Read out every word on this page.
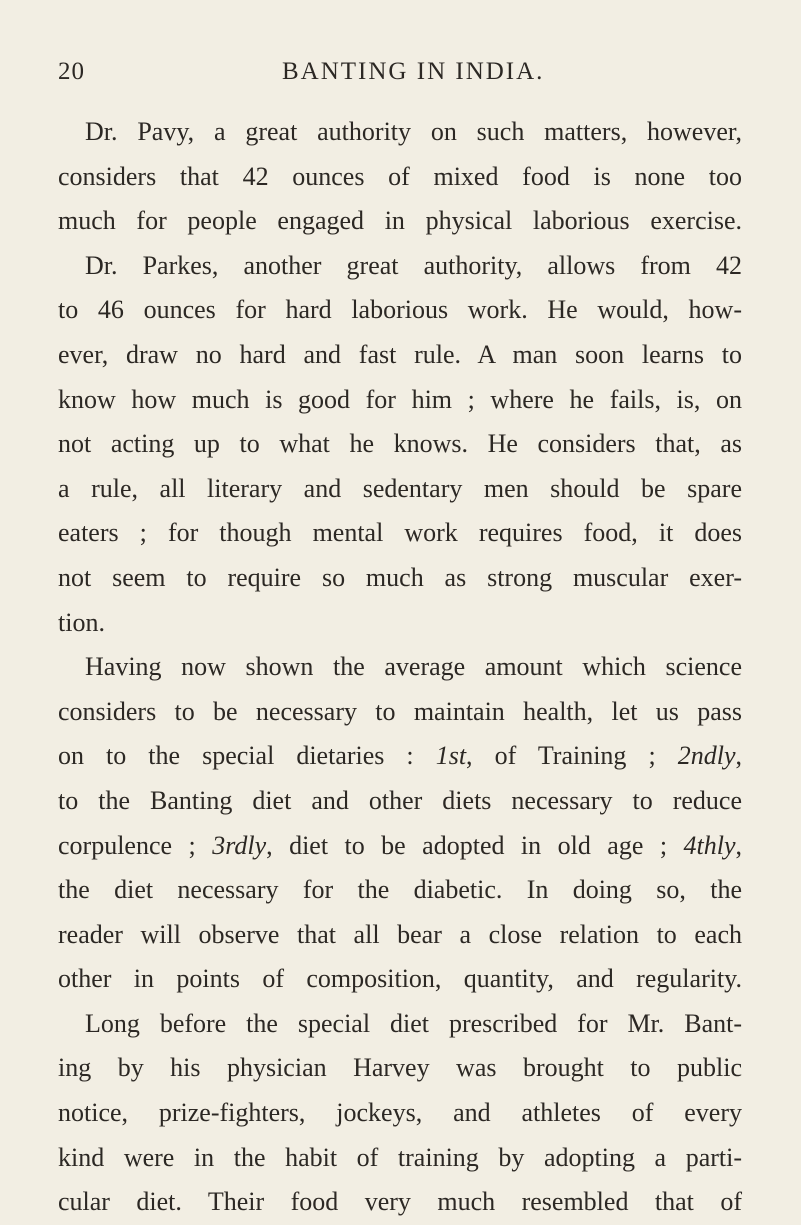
20	BANTING IN INDIA.
Dr. Pavy, a great authority on such matters, however,
considers that 42 ounces of mixed food is none too
much for people engaged in physical laborious exercise.
Dr. Parkes, another great authority, allows from 42
to 46 ounces for hard laborious work. He would, how-
ever, draw no hard and fast rule. A man soon learns to
know how much is good for him ; where he fails, is, on
not acting up to what he knows. He considers that, as
a rule, all literary and sedentary men should be spare
eaters ; for though mental work requires food, it does
not seem to require so much as strong muscular exer-
tion.
Having now shown the average amount which science
considers to be necessary to maintain health, let us pass
on to the special dietaries : 1st, of Training ; 2ndly,
to the Banting diet and other diets necessary to reduce
corpulence ; 3rdly, diet to be adopted in old age ; 4thly,
the diet necessary for the diabetic. In doing so, the
reader will observe that all bear a close relation to each
other in points of composition, quantity, and regularity.
Long before the special diet prescribed for Mr. Bant-
ing by his physician Harvey was brought to public
notice, prize-fighters, jockeys, and athletes of every
kind were in the habit of training by adopting a parti-
cular diet. Their food very much resembled that of
